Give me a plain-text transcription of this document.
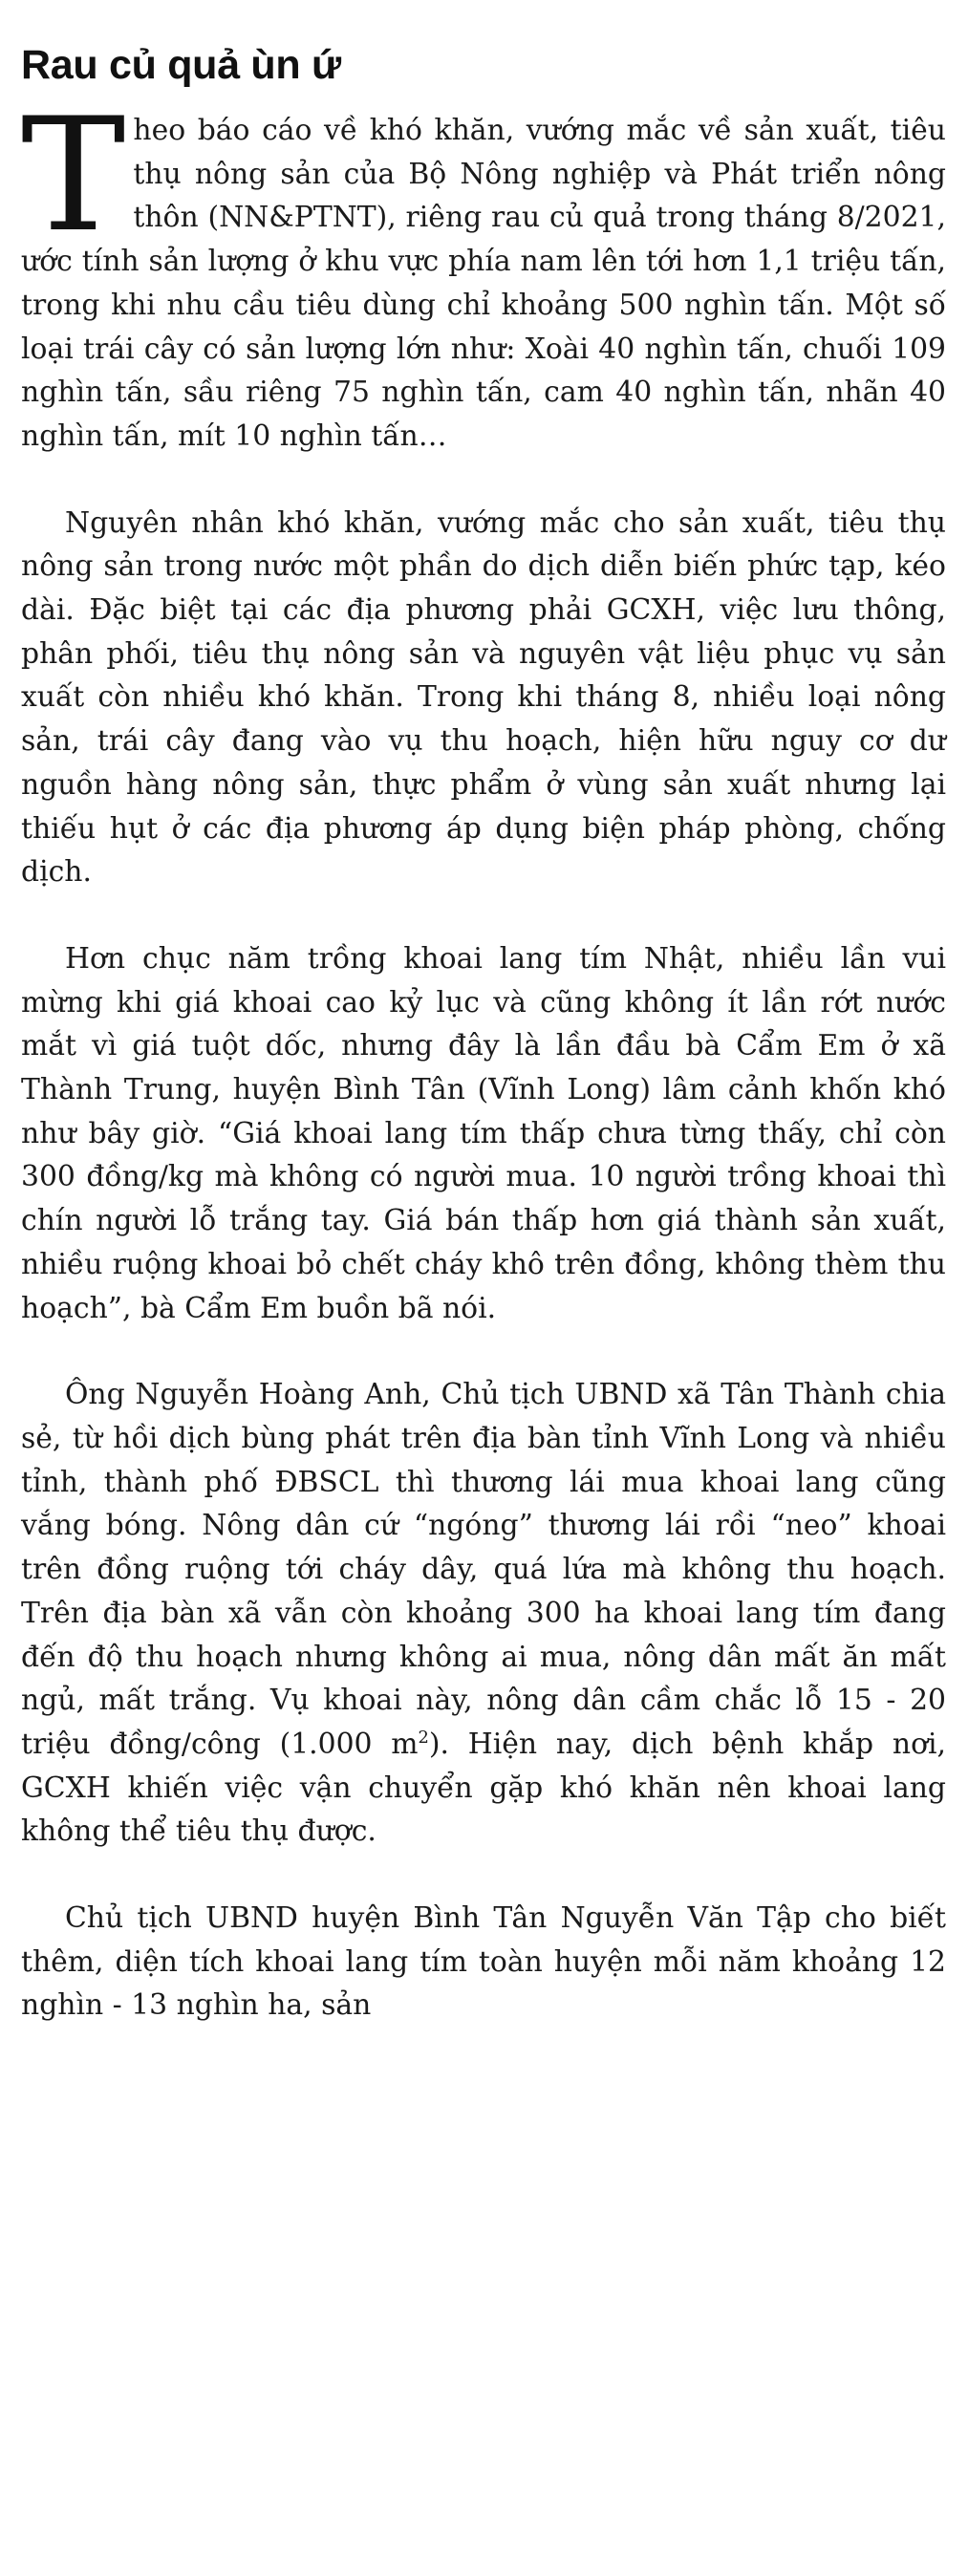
Rau củ quả ùn ứ

Theo báo cáo về khó khăn, vướng mắc về sản xuất, tiêu thụ nông sản của Bộ Nông nghiệp và Phát triển nông thôn (NN&PTNT), riêng rau củ quả trong tháng 8/2021, ước tính sản lượng ở khu vực phía nam lên tới hơn 1,1 triệu tấn, trong khi nhu cầu tiêu dùng chỉ khoảng 500 nghìn tấn. Một số loại trái cây có sản lượng lớn như: Xoài 40 nghìn tấn, chuối 109 nghìn tấn, sầu riêng 75 nghìn tấn, cam 40 nghìn tấn, nhãn 40 nghìn tấn, mít 10 nghìn tấn…

Nguyên nhân khó khăn, vướng mắc cho sản xuất, tiêu thụ nông sản trong nước một phần do dịch diễn biến phức tạp, kéo dài. Đặc biệt tại các địa phương phải GCXH, việc lưu thông, phân phối, tiêu thụ nông sản và nguyên vật liệu phục vụ sản xuất còn nhiều khó khăn. Trong khi tháng 8, nhiều loại nông sản, trái cây đang vào vụ thu hoạch, hiện hữu nguy cơ dư nguồn hàng nông sản, thực phẩm ở vùng sản xuất nhưng lại thiếu hụt ở các địa phương áp dụng biện pháp phòng, chống dịch.

Hơn chục năm trồng khoai lang tím Nhật, nhiều lần vui mừng khi giá khoai cao kỷ lục và cũng không ít lần rớt nước mắt vì giá tuột dốc, nhưng đây là lần đầu bà Cẩm Em ở xã Thành Trung, huyện Bình Tân (Vĩnh Long) lâm cảnh khốn khó như bây giờ. “Giá khoai lang tím thấp chưa từng thấy, chỉ còn 300 đồng/kg mà không có người mua. 10 người trồng khoai thì chín người lỗ trắng tay. Giá bán thấp hơn giá thành sản xuất, nhiều ruộng khoai bỏ chết cháy khô trên đồng, không thèm thu hoạch”, bà Cẩm Em buồn bã nói.

Ông Nguyễn Hoàng Anh, Chủ tịch UBND xã Tân Thành chia sẻ, từ hồi dịch bùng phát trên địa bàn tỉnh Vĩnh Long và nhiều tỉnh, thành phố ĐBSCL thì thương lái mua khoai lang cũng vắng bóng. Nông dân cứ “ngóng” thương lái rồi “neo” khoai trên đồng ruộng tới cháy dây, quá lứa mà không thu hoạch. Trên địa bàn xã vẫn còn khoảng 300 ha khoai lang tím đang đến độ thu hoạch nhưng không ai mua, nông dân mất ăn mất ngủ, mất trắng. Vụ khoai này, nông dân cầm chắc lỗ 15 - 20 triệu đồng/công (1.000 $m^2$). Hiện nay, dịch bệnh khắp nơi, GCXH khiến việc vận chuyển gặp khó khăn nên khoai lang không thể tiêu thụ được.

Chủ tịch UBND huyện Bình Tân Nguyễn Văn Tập cho biết thêm, diện tích khoai lang tím toàn huyện mỗi năm khoảng 12 nghìn - 13 nghìn ha, sản
